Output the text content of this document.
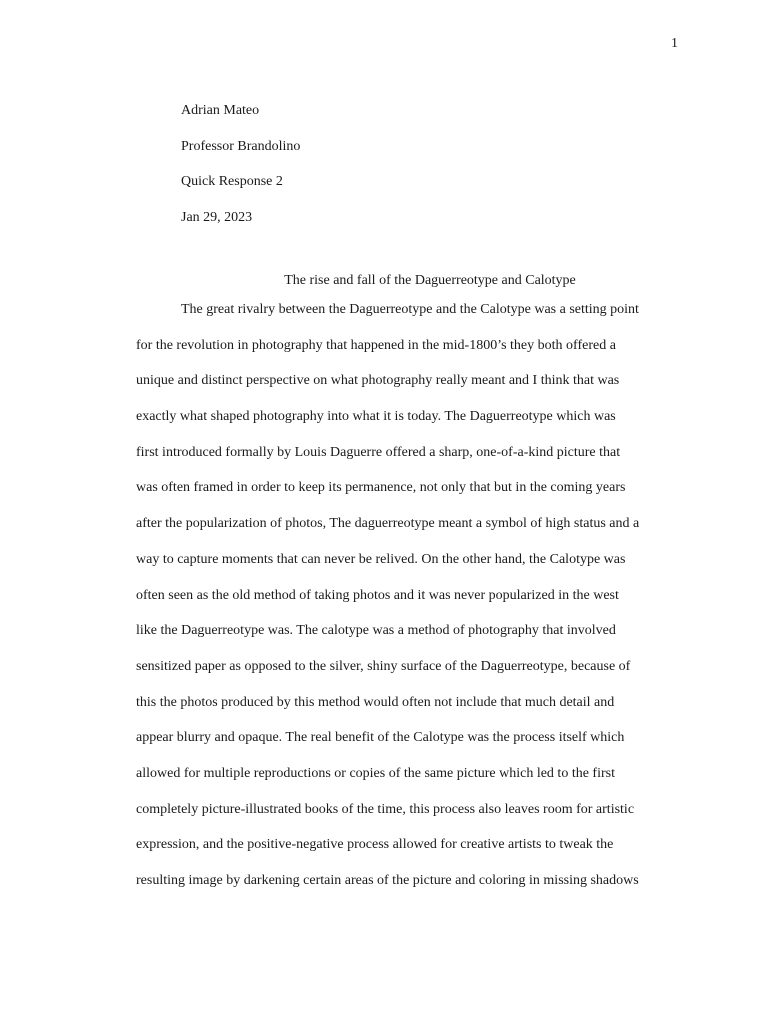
1
Adrian Mateo
Professor Brandolino
Quick Response 2
Jan 29, 2023
The rise and fall of the Daguerreotype and Calotype
The great rivalry between the Daguerreotype and the Calotype was a setting point
for the revolution in photography that happened in the mid-1800’s they both offered a
unique and distinct perspective on what photography really meant and I think that was
exactly what shaped photography into what it is today. The Daguerreotype which was
first introduced formally by Louis Daguerre offered a sharp, one-of-a-kind picture that
was often framed in order to keep its permanence, not only that but in the coming years
after the popularization of photos, The daguerreotype meant a symbol of high status and a
way to capture moments that can never be relived. On the other hand, the Calotype was
often seen as the old method of taking photos and it was never popularized in the west
like the Daguerreotype was. The calotype was a method of photography that involved
sensitized paper as opposed to the silver, shiny surface of the Daguerreotype, because of
this the photos produced by this method would often not include that much detail and
appear blurry and opaque. The real benefit of the Calotype was the process itself which
allowed for multiple reproductions or copies of the same picture which led to the first
completely picture-illustrated books of the time, this process also leaves room for artistic
expression, and the positive-negative process allowed for creative artists to tweak the
resulting image by darkening certain areas of the picture and coloring in missing shadows
